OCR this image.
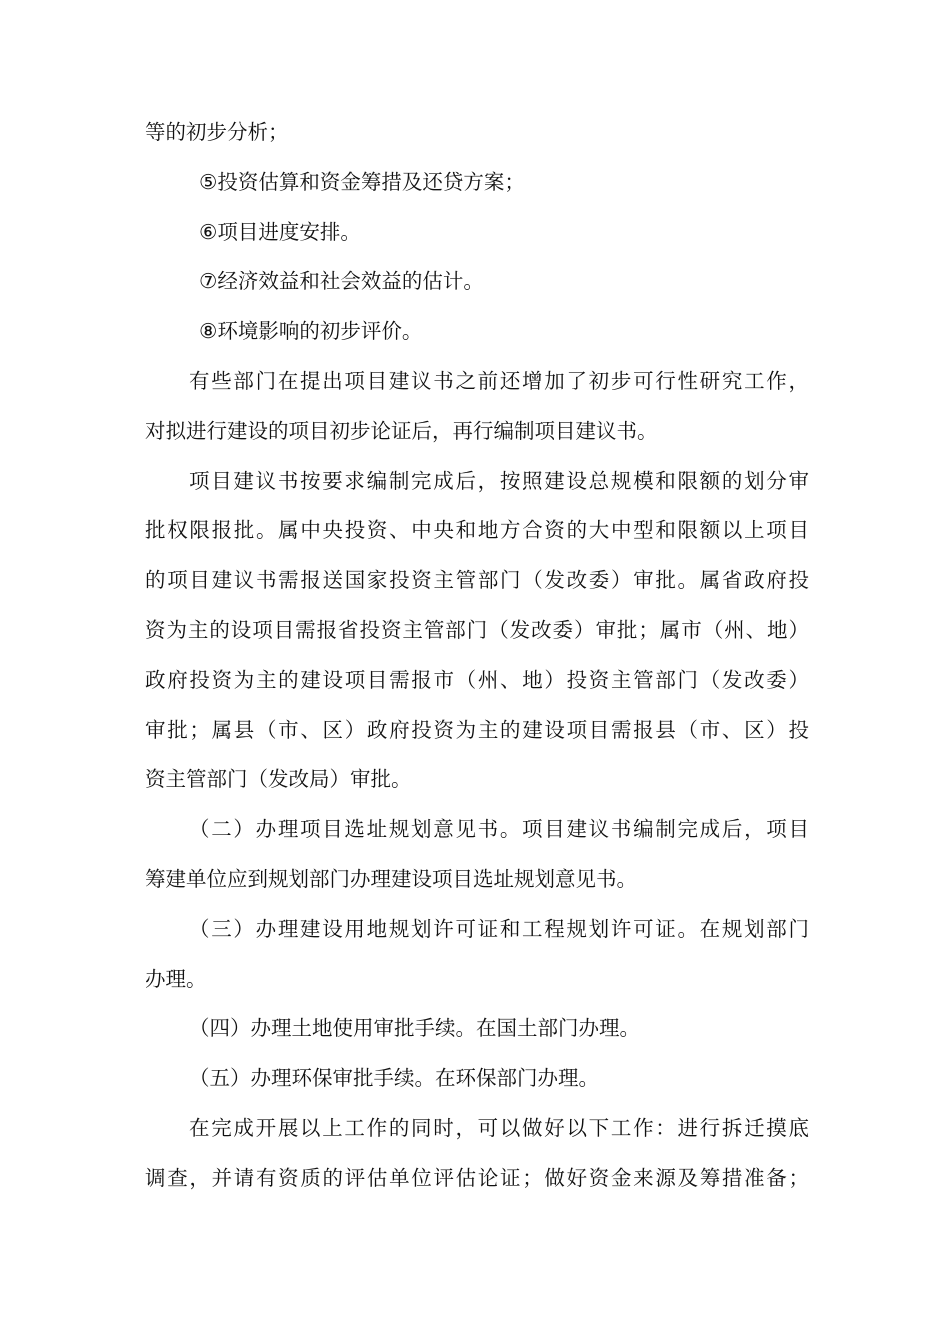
等的初步分析；
⑤投资估算和资金筹措及还贷方案；
⑥项目进度安排。
⑦经济效益和社会效益的估计。
⑧环境影响的初步评价。
有些部门在提出项目建议书之前还增加了初步可行性研究工作，
对拟进行建设的项目初步论证后，再行编制项目建议书。
项目建议书按要求编制完成后，按照建设总规模和限额的划分审
批权限报批。属中央投资、中央和地方合资的大中型和限额以上项目
的项目建议书需报送国家投资主管部门（发改委）审批。属省政府投
资为主的设项目需报省投资主管部门（发改委）审批；属市（州、地）
政府投资为主的建设项目需报市（州、地）投资主管部门（发改委）
审批；属县（市、区）政府投资为主的建设项目需报县（市、区）投
资主管部门（发改局）审批。
（二）办理项目选址规划意见书。项目建议书编制完成后，项目
筹建单位应到规划部门办理建设项目选址规划意见书。
（三）办理建设用地规划许可证和工程规划许可证。在规划部门
办理。
（四）办理土地使用审批手续。在国土部门办理。
（五）办理环保审批手续。在环保部门办理。
在完成开展以上工作的同时，可以做好以下工作：进行拆迁摸底
调查，并请有资质的评估单位评估论证；做好资金来源及筹措准备；
